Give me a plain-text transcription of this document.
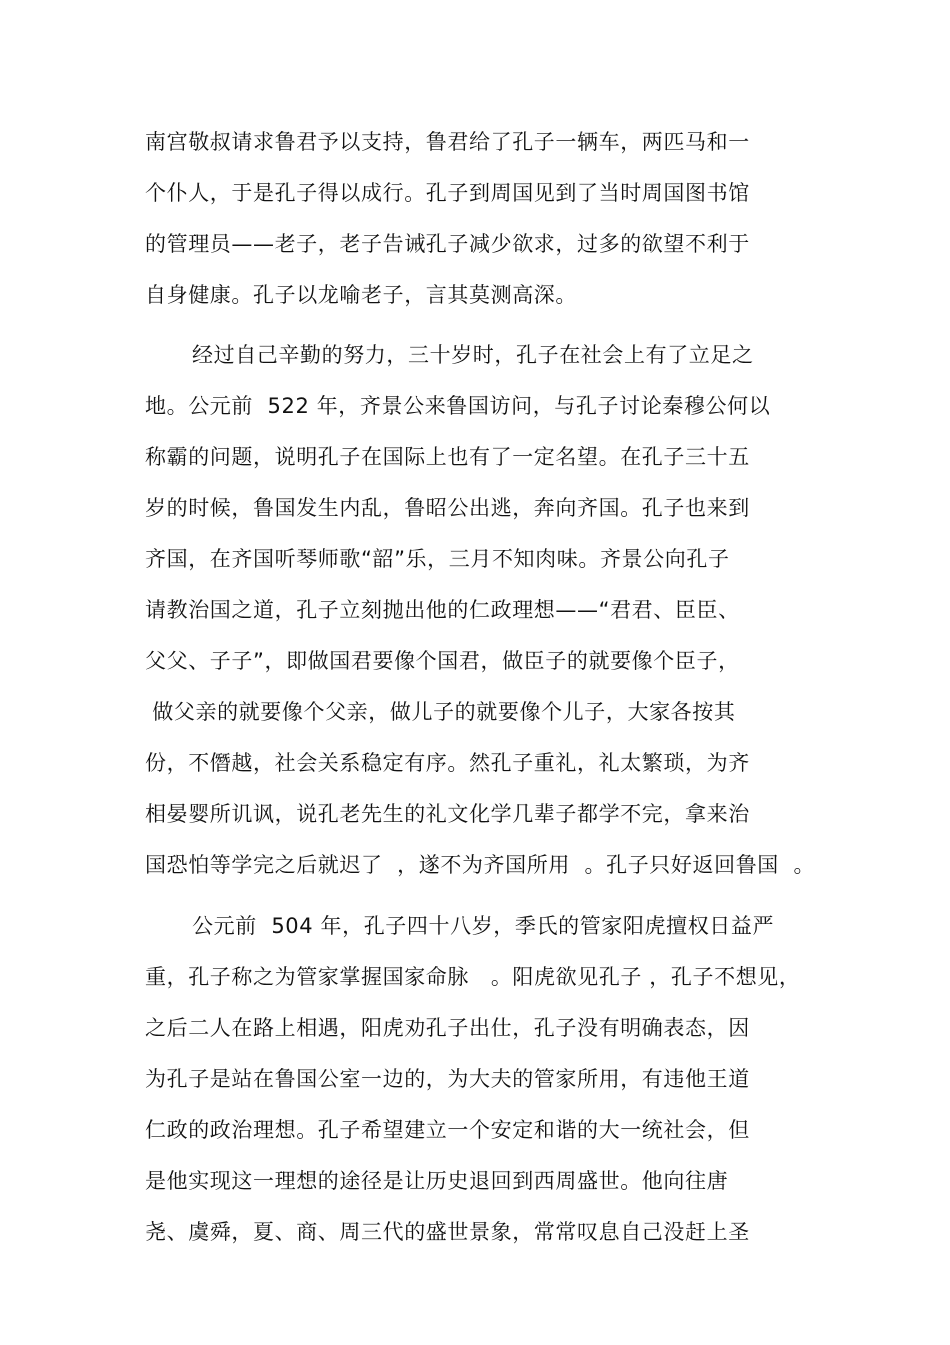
南宫敬叔请求鲁君予以支持，鲁君给了孔子一辆车，两匹马和一
个仆人，于是孔子得以成行。孔子到周国见到了当时周国图书馆
的管理员——老子，老子告诫孔子减少欲求，过多的欲望不利于
自身健康。孔子以龙喻老子，言其莫测高深。
经过自己辛勤的努力，三十岁时，孔子在社会上有了立足之
地。公元前  522 年，齐景公来鲁国访问，与孔子讨论秦穆公何以
称霸的问题，说明孔子在国际上也有了一定名望。在孔子三十五
岁的时候，鲁国发生内乱，鲁昭公出逃，奔向齐国。孔子也来到
齐国，在齐国听琴师歌“韶”乐，三月不知肉味。齐景公向孔子
请教治国之道，孔子立刻抛出他的仁政理想——“君君、臣臣、
父父、子子”，即做国君要像个国君，做臣子的就要像个臣子，
做父亲的就要像个父亲，做儿子的就要像个儿子，大家各按其
份，不僭越，社会关系稳定有序。然孔子重礼，礼太繁琐，为齐
相晏婴所讥讽，说孔老先生的礼文化学几辈子都学不完，拿来治
国恐怕等学完之后就迟了  ，遂不为齐国所用  。孔子只好返回鲁国  。
公元前  504 年，孔子四十八岁，季氏的管家阳虎擅权日益严
重，孔子称之为管家掌握国家命脉   。阳虎欲见孔子 ，孔子不想见，
之后二人在路上相遇，阳虎劝孔子出仕，孔子没有明确表态，因
为孔子是站在鲁国公室一边的，为大夫的管家所用，有违他王道
仁政的政治理想。孔子希望建立一个安定和谐的大一统社会，但
是他实现这一理想的途径是让历史退回到西周盛世。他向往唐
尧、虞舜，夏、商、周三代的盛世景象，常常叹息自己没赶上圣
